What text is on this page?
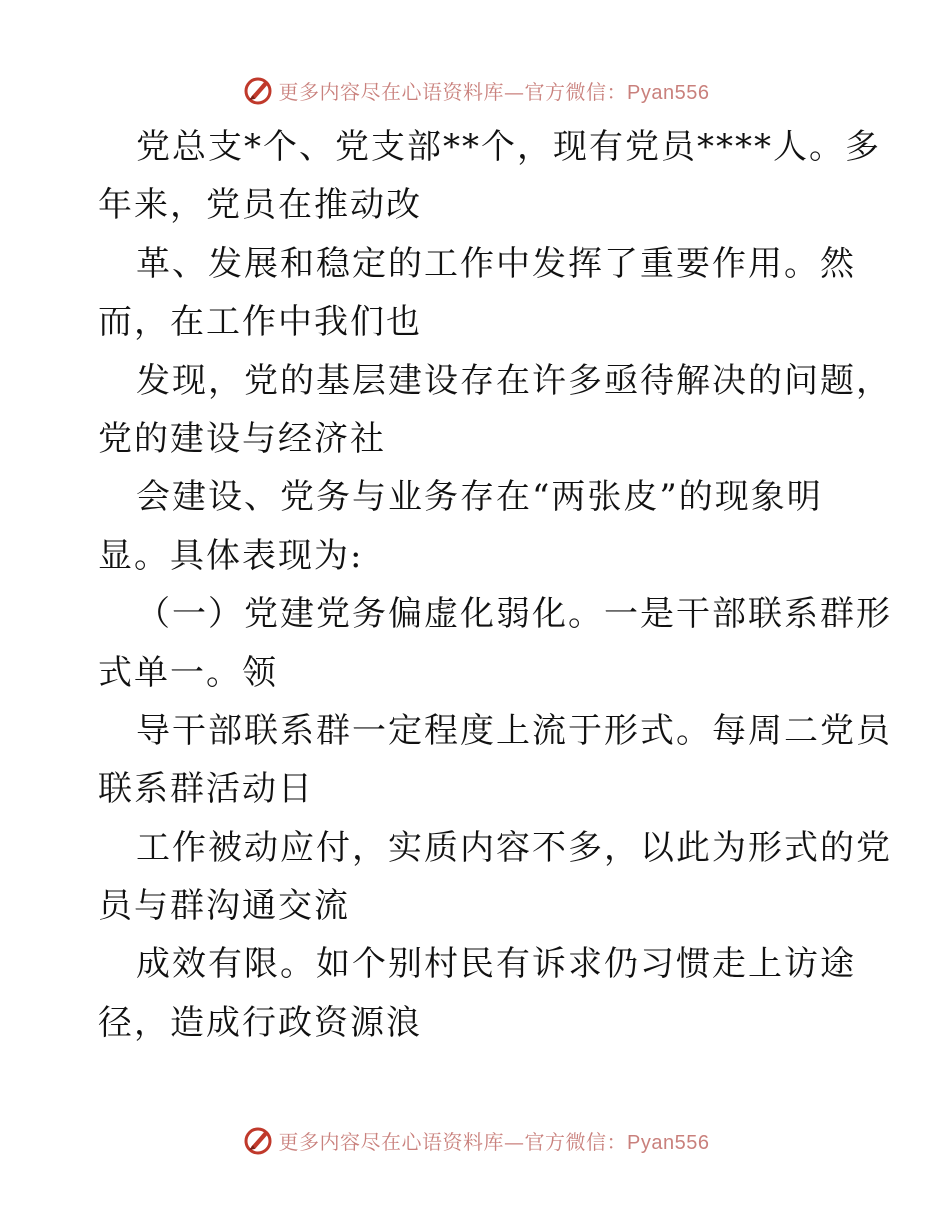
更多内容尽在心语资料库—官方微信：Pyan556
党总支*个、党支部**个，现有党员****人。多
年来，党员在推动改
革、发展和稳定的工作中发挥了重要作用。然
而，在工作中我们也
发现，党的基层建设存在许多亟待解决的问题，
党的建设与经济社
会建设、党务与业务存在“两张皮”的现象明
显。具体表现为:
（一）党建党务偏虚化弱化。一是干部联系群形
式单一。领
导干部联系群一定程度上流于形式。每周二党员
联系群活动日
工作被动应付，实质内容不多，以此为形式的党
员与群沟通交流
成效有限。如个别村民有诉求仍习惯走上访途
径，造成行政资源浪
更多内容尽在心语资料库—官方微信：Pyan556
